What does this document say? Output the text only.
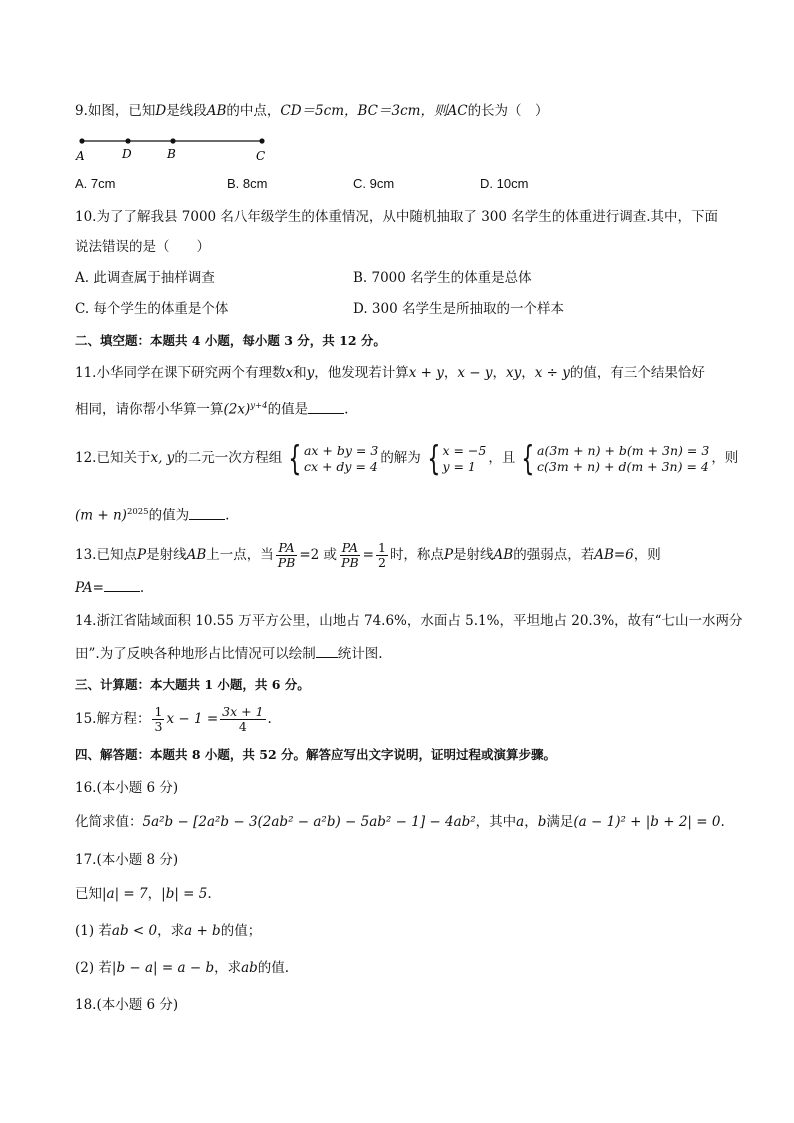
9.如图，已知D是线段AB的中点，CD＝5cm，BC＝3cm，则AC的长为（　）
A	D	B	C
A. 7cm	B. 8cm	C. 9cm	D. 10cm
10.为了了解我县 7000 名八年级学生的体重情况，从中随机抽取了 300 名学生的体重进行调查.其中，下面
说法错误的是（　　）
A. 此调查属于抽样调查	B. 7000 名学生的体重是总体
C. 每个学生的体重是个体	D. 300 名学生是所抽取的一个样本
二、填空题：本题共 4 小题，每小题 3 分，共 12 分。
11.小华同学在课下研究两个有理数x和y，他发现若计算x + y，x − y，xy，x ÷ y的值，有三个结果恰好
相同，请你帮小华算一算$(2x)^{y+4}$的值是	.
12.已知关于x, y的二元一次方程组 { ax + by = 3
cx + dy = 4 的解为 { x = −5
y = 1 ，且 { a(3m + n) + b(m + 3n) = 3
c(3m + n) + d(m + 3n) = 4 ，则
$(m + n)^{2025}$的值为	.
13.已知点P是射线AB上一点，当 $\frac{PA}{PB} =2$ 或 $\frac{PA}{PB} = \frac{1}{2}$ 时，称点P是射线AB的强弱点，若AB=6，则
PA=	.
14.浙江省陆域面积 10.55 万平方公里，山地占 74.6%，水面占 5.1%，平坦地占 20.3%，故有“七山一水两分
田”.为了反映各种地形占比情况可以绘制 统计图.
三、计算题：本大题共 1 小题，共 6 分。
15.解方程： $\frac{1}{3}$ $x - 1 = \frac{3x + 1}{4}$ .
四、解答题：本题共 8 小题，共 52 分。解答应写出文字说明，证明过程或演算步骤。
16.(本小题 6 分)
化简求值：5a²b − [2a²b − 3(2ab² − a²b) − 5ab² − 1] − 4ab²，其中a，b满足(a − 1)² + |b + 2| = 0.
17.(本小题 8 分)
已知|a| = 7，|b| = 5.
(1) 若ab < 0，求a + b的值；
(2) 若|b − a| = a − b，求ab的值.
18.(本小题 6 分)
